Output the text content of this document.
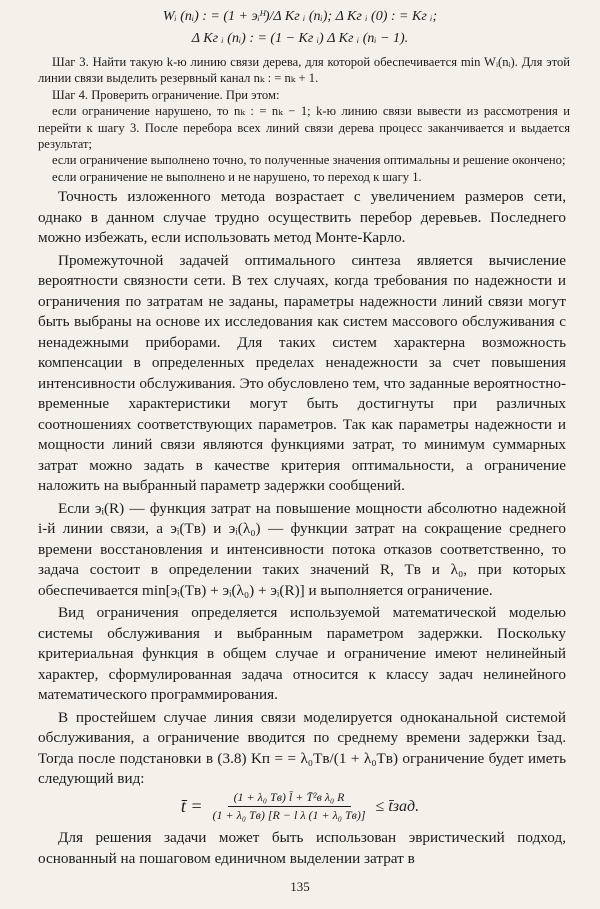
Wᵢ (nᵢ) : = (1 + эᵢᴴ)/Δ Kг ᵢ (nᵢ); Δ Kг ᵢ (0) : = Kг ᵢ;
Δ Kг ᵢ (nᵢ) : = (1 − Kг ᵢ) Δ Kг ᵢ (nᵢ − 1).

Шаг 3. Найти такую k-ю линию связи дерева, для которой обеспечивается min Wᵢ(nᵢ). Для этой линии связи выделить резервный канал nₖ : = nₖ + 1.

Шаг 4. Проверить ограничение. При этом:

если ограничение нарушено, то nₖ : = nₖ − 1; k-ю линию связи вывести из рассмотрения и перейти к шагу 3. После перебора всех линий связи дерева процесс заканчивается и выдается результат;

если ограничение выполнено точно, то полученные значения оптимальны и решение окончено;

если ограничение не выполнено и не нарушено, то переход к шагу 1.

Точность изложенного метода возрастает с увеличением размеров сети, однако в данном случае трудно осуществить перебор деревьев. Последнего можно избежать, если использовать метод Монте-Карло.

Промежуточной задачей оптимального синтеза является вычисление вероятности связности сети. В тех случаях, когда требования по надежности и ограничения по затратам не заданы, параметры надежности линий связи могут быть выбраны на основе их исследования как систем массового обслуживания с ненадежными приборами. Для таких систем характерна возможность компенсации в определенных пределах ненадежности за счет повышения интенсивности обслуживания. Это обусловлено тем, что заданные вероятностно-временные характеристики могут быть достигнуты при различных соотношениях соответствующих параметров. Так как параметры надежности и мощности линий связи являются функциями затрат, то минимум суммарных затрат можно задать в качестве критерия оптимальности, а ограничение наложить на выбранный параметр задержки сообщений.

Если эᵢ(R) — функция затрат на повышение мощности абсолютно надежной i-й линии связи, а эᵢ(Tв) и эᵢ(λ₀) — функции затрат на сокращение среднего времени восстановления и интенсивности потока отказов соответственно, то задача состоит в определении таких значений R, Tв и λ₀, при которых обеспечивается min[эᵢ(Tв) + эᵢ(λ₀) + эᵢ(R)] и выполняется ограничение.

Вид ограничения определяется используемой математической моделью системы обслуживания и выбранным параметром задержки. Поскольку критериальная функция в общем случае и ограничение имеют нелинейный характер, сформулированная задача относится к классу задач нелинейного математического программирования.

В простейшем случае линия связи моделируется одноканальной системой обслуживания, а ограничение вводится по среднему времени задержки t̄зад. Тогда после подстановки в (3.8) Kп = = λ₀Tв/(1 + λ₀Tв) ограничение будет иметь следующий вид:

t̄ = $\frac{\text{(1 + λ₀ Tв) l̄ + T̄²в λ₀ R}}{\text{(1 + λ₀ Tв) [R − l λ (1 + λ₀ Tв)]}}$ ≤ t̄зад.

Для решения задачи может быть использован эвристический подход, основанный на пошаговом единичном выделении затрат в

135
